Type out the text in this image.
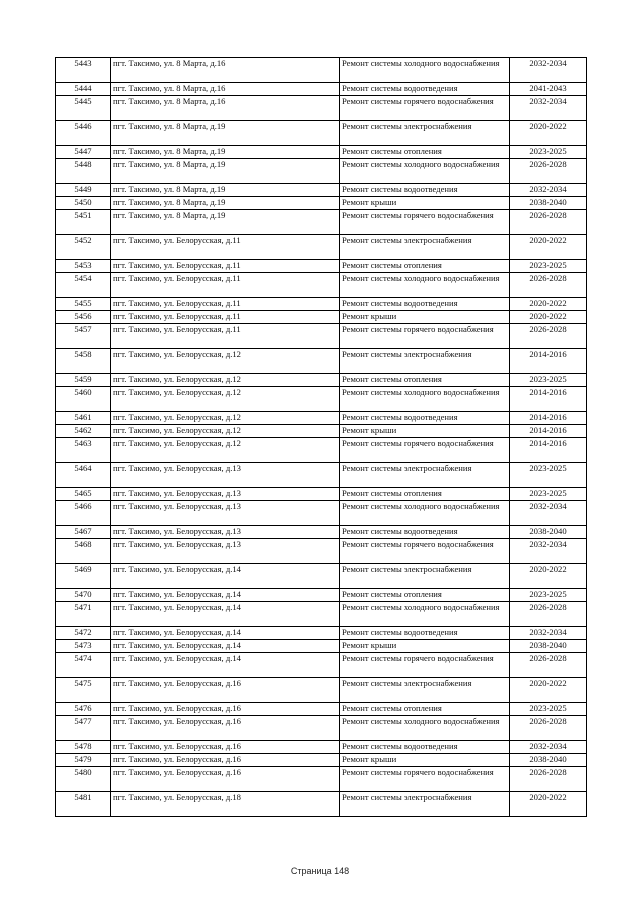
5443	пгт. Таксимо, ул. 8 Марта, д.16	Ремонт системы холодного водоснабжения	2032-2034
5444	пгт. Таксимо, ул. 8 Марта, д.16	Ремонт системы водоотведения	2041-2043
5445	пгт. Таксимо, ул. 8 Марта, д.16	Ремонт системы горячего водоснабжения	2032-2034
5446	пгт. Таксимо, ул. 8 Марта, д.19	Ремонт системы электроснабжения	2020-2022
5447	пгт. Таксимо, ул. 8 Марта, д.19	Ремонт системы отопления	2023-2025
5448	пгт. Таксимо, ул. 8 Марта, д.19	Ремонт системы холодного водоснабжения	2026-2028
5449	пгт. Таксимо, ул. 8 Марта, д.19	Ремонт системы водоотведения	2032-2034
5450	пгт. Таксимо, ул. 8 Марта, д.19	Ремонт крыши	2038-2040
5451	пгт. Таксимо, ул. 8 Марта, д.19	Ремонт системы горячего водоснабжения	2026-2028
5452	пгт. Таксимо, ул. Белорусская, д.11	Ремонт системы электроснабжения	2020-2022
5453	пгт. Таксимо, ул. Белорусская, д.11	Ремонт системы отопления	2023-2025
5454	пгт. Таксимо, ул. Белорусская, д.11	Ремонт системы холодного водоснабжения	2026-2028
5455	пгт. Таксимо, ул. Белорусская, д.11	Ремонт системы водоотведения	2020-2022
5456	пгт. Таксимо, ул. Белорусская, д.11	Ремонт крыши	2020-2022
5457	пгт. Таксимо, ул. Белорусская, д.11	Ремонт системы горячего водоснабжения	2026-2028
5458	пгт. Таксимо, ул. Белорусская, д.12	Ремонт системы электроснабжения	2014-2016
5459	пгт. Таксимо, ул. Белорусская, д.12	Ремонт системы отопления	2023-2025
5460	пгт. Таксимо, ул. Белорусская, д.12	Ремонт системы холодного водоснабжения	2014-2016
5461	пгт. Таксимо, ул. Белорусская, д.12	Ремонт системы водоотведения	2014-2016
5462	пгт. Таксимо, ул. Белорусская, д.12	Ремонт крыши	2014-2016
5463	пгт. Таксимо, ул. Белорусская, д.12	Ремонт системы горячего водоснабжения	2014-2016
5464	пгт. Таксимо, ул. Белорусская, д.13	Ремонт системы электроснабжения	2023-2025
5465	пгт. Таксимо, ул. Белорусская, д.13	Ремонт системы отопления	2023-2025
5466	пгт. Таксимо, ул. Белорусская, д.13	Ремонт системы холодного водоснабжения	2032-2034
5467	пгт. Таксимо, ул. Белорусская, д.13	Ремонт системы водоотведения	2038-2040
5468	пгт. Таксимо, ул. Белорусская, д.13	Ремонт системы горячего водоснабжения	2032-2034
5469	пгт. Таксимо, ул. Белорусская, д.14	Ремонт системы электроснабжения	2020-2022
5470	пгт. Таксимо, ул. Белорусская, д.14	Ремонт системы отопления	2023-2025
5471	пгт. Таксимо, ул. Белорусская, д.14	Ремонт системы холодного водоснабжения	2026-2028
5472	пгт. Таксимо, ул. Белорусская, д.14	Ремонт системы водоотведения	2032-2034
5473	пгт. Таксимо, ул. Белорусская, д.14	Ремонт крыши	2038-2040
5474	пгт. Таксимо, ул. Белорусская, д.14	Ремонт системы горячего водоснабжения	2026-2028
5475	пгт. Таксимо, ул. Белорусская, д.16	Ремонт системы электроснабжения	2020-2022
5476	пгт. Таксимо, ул. Белорусская, д.16	Ремонт системы отопления	2023-2025
5477	пгт. Таксимо, ул. Белорусская, д.16	Ремонт системы холодного водоснабжения	2026-2028
5478	пгт. Таксимо, ул. Белорусская, д.16	Ремонт системы водоотведения	2032-2034
5479	пгт. Таксимо, ул. Белорусская, д.16	Ремонт крыши	2038-2040
5480	пгт. Таксимо, ул. Белорусская, д.16	Ремонт системы горячего водоснабжения	2026-2028
5481	пгт. Таксимо, ул. Белорусская, д.18	Ремонт системы электроснабжения	2020-2022
Страница 148
